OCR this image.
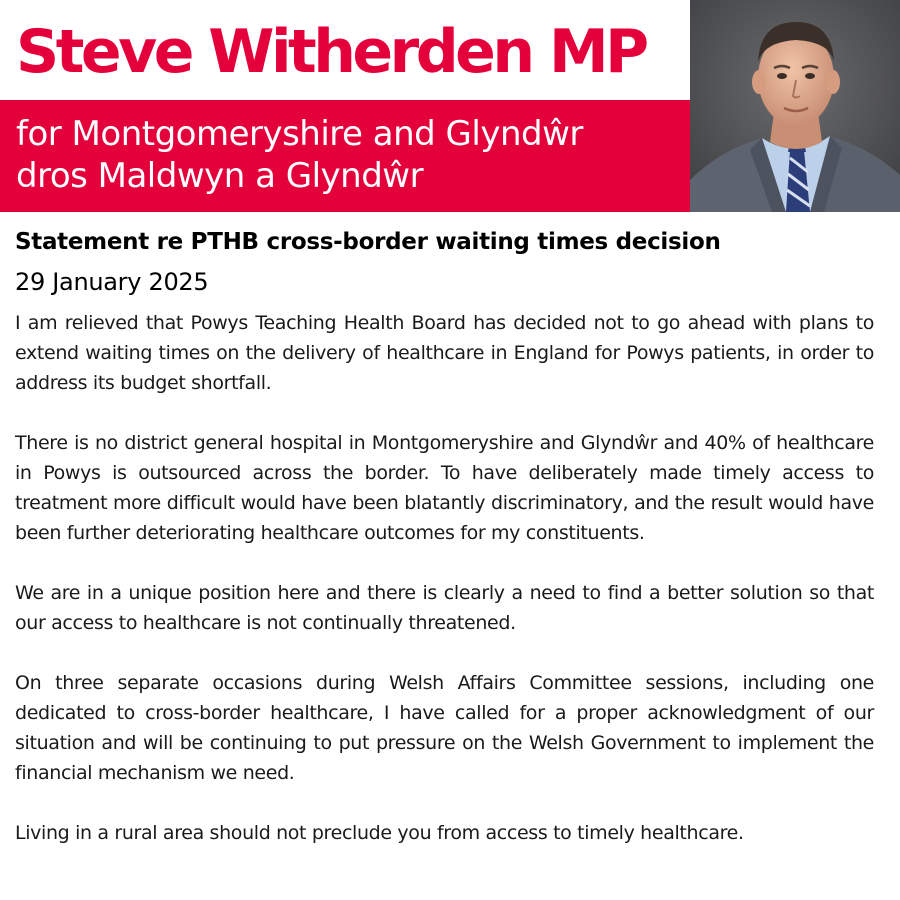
Steve Witherden MP
for Montgomeryshire and Glyndŵr
dros Maldwyn a Glyndŵr
Statement re PTHB cross-border waiting times decision
29 January 2025

I am relieved that Powys Teaching Health Board has decided not to go ahead with plans to extend waiting times on the delivery of healthcare in England for Powys patients, in order to address its budget shortfall.

There is no district general hospital in Montgomeryshire and Glyndŵr and 40% of healthcare in Powys is outsourced across the border. To have deliberately made timely access to treatment more difficult would have been blatantly discriminatory, and the result would have been further deteriorating healthcare outcomes for my constituents.

We are in a unique position here and there is clearly a need to find a better solution so that our access to healthcare is not continually threatened.

On three separate occasions during Welsh Affairs Committee sessions, including one dedicated to cross-border healthcare, I have called for a proper acknowledgment of our situation and will be continuing to put pressure on the Welsh Government to implement the financial mechanism we need.

Living in a rural area should not preclude you from access to timely healthcare.
